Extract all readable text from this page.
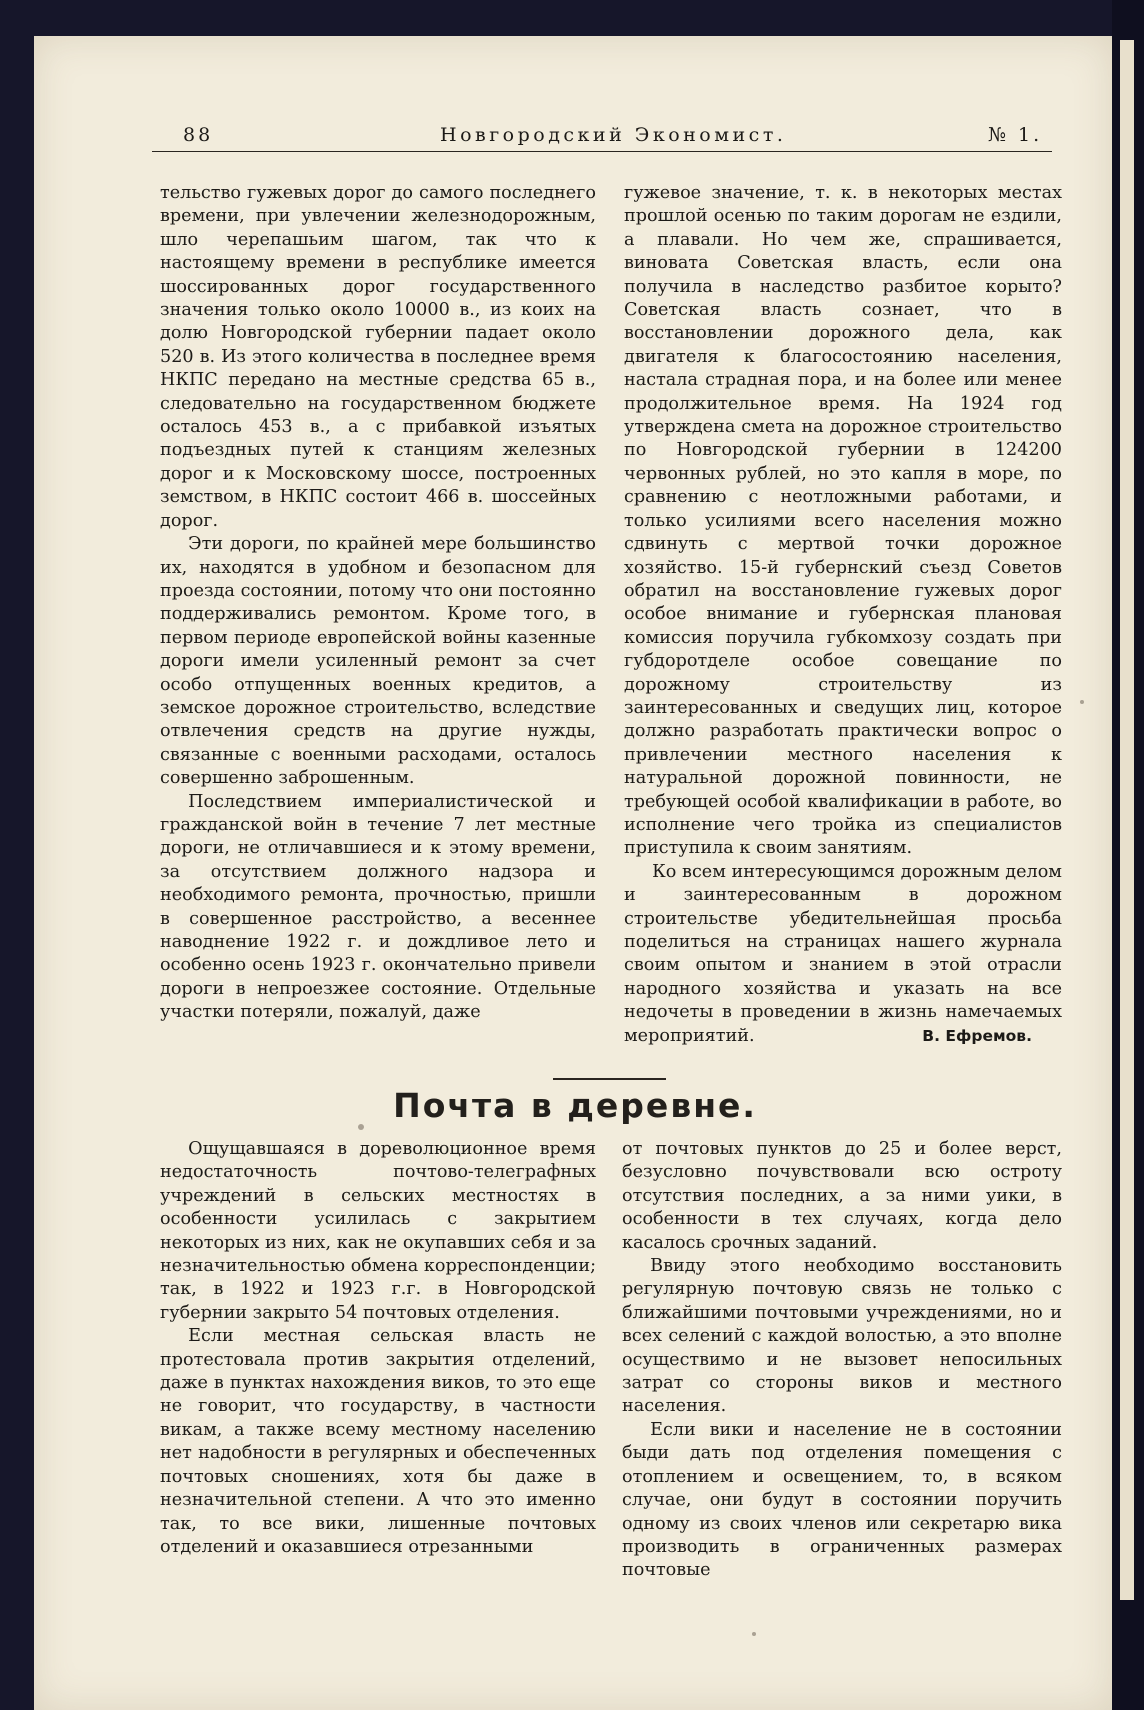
88	Новгородский Экономист.	№ 1.

тельство гужевых дорог до самого последнего времени, при увлечении железнодорожным, шло черепашьим шагом, так что к настоящему времени в республике имеется шоссированных дорог государственного значения только около 10000 в., из коих на долю Новгородской губернии падает около 520 в. Из этого количества в последнее время НКПС передано на местные средства 65 в., следовательно на государственном бюджете осталось 453 в., а с прибавкой изъятых подъездных путей к станциям железных дорог и к Московскому шоссе, построенных земством, в НКПС состоит 466 в. шоссейных дорог.

Эти дороги, по крайней мере большинство их, находятся в удобном и безопасном для проезда состоянии, потому что они постоянно поддерживались ремонтом. Кроме того, в первом периоде европейской войны казенные дороги имели усиленный ремонт за счет особо отпущенных военных кредитов, а земское дорожное строительство, вследствие отвлечения средств на другие нужды, связанные с военными расходами, осталось совершенно заброшенным.

Последствием империалистической и гражданской войн в течение 7 лет местные дороги, не отличавшиеся и к этому времени, за отсутствием должного надзора и необходимого ремонта, прочностью, пришли в совершенное расстройство, а весеннее наводнение 1922 г. и дождливое лето и особенно осень 1923 г. окончательно привели дороги в непроезжее состояние. Отдельные участки потеряли, пожалуй, даже

гужевое значение, т. к. в некоторых местах прошлой осенью по таким дорогам не ездили, а плавали. Но чем же, спрашивается, виновата Советская власть, если она получила в наследство разбитое корыто? Советская власть сознает, что в восстановлении дорожного дела, как двигателя к благосостоянию населения, настала страдная пора, и на более или менее продолжительное время. На 1924 год утверждена смета на дорожное строительство по Новгородской губернии в 124200 червонных рублей, но это капля в море, по сравнению с неотложными работами, и только усилиями всего населения можно сдвинуть с мертвой точки дорожное хозяйство. 15-й губернский съезд Советов обратил на восстановление гужевых дорог особое внимание и губернская плановая комиссия поручила губкомхозу создать при губдоротделе особое совещание по дорожному строительству из заинтересованных и сведущих лиц, которое должно разработать практически вопрос о привлечении местного населения к натуральной дорожной повинности, не требующей особой квалификации в работе, во исполнение чего тройка из специалистов приступила к своим занятиям.

Ко всем интересующимся дорожным делом и заинтересованным в дорожном строительстве убедительнейшая просьба поделиться на страницах нашего журнала своим опытом и знанием в этой отрасли народного хозяйства и указать на все недочеты в проведении в жизнь намечаемых мероприятий.	В. Ефремов.

Почта в деревне.

Ощущавшаяся в дореволюционное время недостаточность почтово-телеграфных учреждений в сельских местностях в особенности усилилась с закрытием некоторых из них, как не окупавших себя и за незначительностью обмена корреспонденции; так, в 1922 и 1923 г.г. в Новгородской губернии закрыто 54 почтовых отделения.

Если местная сельская власть не протестовала против закрытия отделений, даже в пунктах нахождения виков, то это еще не говорит, что государству, в частности викам, а также всему местному населению нет надобности в регулярных и обеспеченных почтовых сношениях, хотя бы даже в незначительной степени. А что это именно так, то все вики, лишенные почтовых отделений и оказавшиеся отрезанными

от почтовых пунктов до 25 и более верст, безусловно почувствовали всю остроту отсутствия последних, а за ними уики, в особенности в тех случаях, когда дело касалось срочных заданий.

Ввиду этого необходимо восстановить регулярную почтовую связь не только с ближайшими почтовыми учреждениями, но и всех селений с каждой волостью, а это вполне осуществимо и не вызовет непосильных затрат со стороны виков и местного населения.

Если вики и население не в состоянии быди дать под отделения помещения с отоплением и освещением, то, в всяком случае, они будут в состоянии поручить одному из своих членов или секретарю вика производить в ограниченных размерах почтовые
